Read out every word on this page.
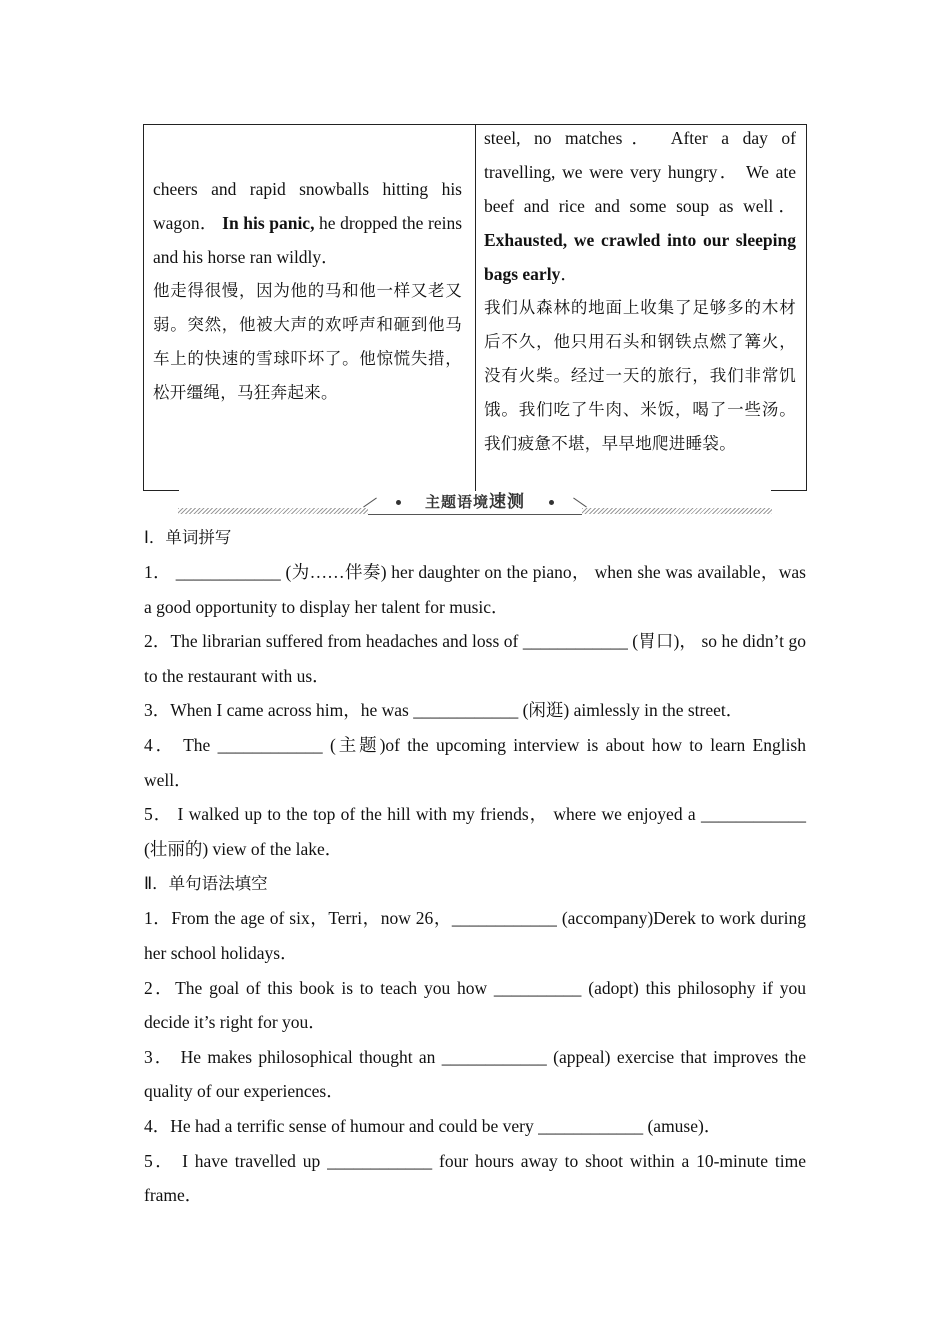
cheers and rapid snowballs hitting his wagon． In his panic, he dropped the reins and his horse ran wildly．
他走得很慢，因为他的马和他一样又老又弱。突然，他被大声的欢呼声和砸到他马车上的快速的雪球吓坏了。他惊慌失措，松开缰绳，马狂奔起来。
steel, no matches． After a day of travelling, we were very hungry． We ate beef and rice and some soup as well． Exhausted, we crawled into our sleeping bags early．
我们从森林的地面上收集了足够多的木材后不久，他只用石头和钢铁点燃了篝火，没有火柴。经过一天的旅行，我们非常饥饿。我们吃了牛肉、米饭，喝了一些汤。我们疲惫不堪，早早地爬进睡袋。
主题语境速测
Ⅰ．单词拼写
1． ____________ (为……伴奏) her daughter on the piano， when she was available，was a good opportunity to display her talent for music．
2．The librarian suffered from headaches and loss of ____________ (胃口)， so he didn’t go to the restaurant with us．
3．When I came across him，he was ____________ (闲逛) aimlessly in the street．
4． The ____________ (主题)of the upcoming interview is about how to learn English well．
5． I walked up to the top of the hill with my friends， where we enjoyed a ____________ (壮丽的) view of the lake．
Ⅱ．单句语法填空
1．From the age of six，Terri，now 26，____________ (accompany)Derek to work during her school holidays．
2．The goal of this book is to teach you how __________ (adopt) this philosophy if you decide it’s right for you．
3． He makes philosophical thought an ____________ (appeal) exercise that improves the quality of our experiences．
4．He had a terrific sense of humour and could be very ____________ (amuse)．
5． I have travelled up ____________ four hours away to shoot within a 10-minute time frame．
